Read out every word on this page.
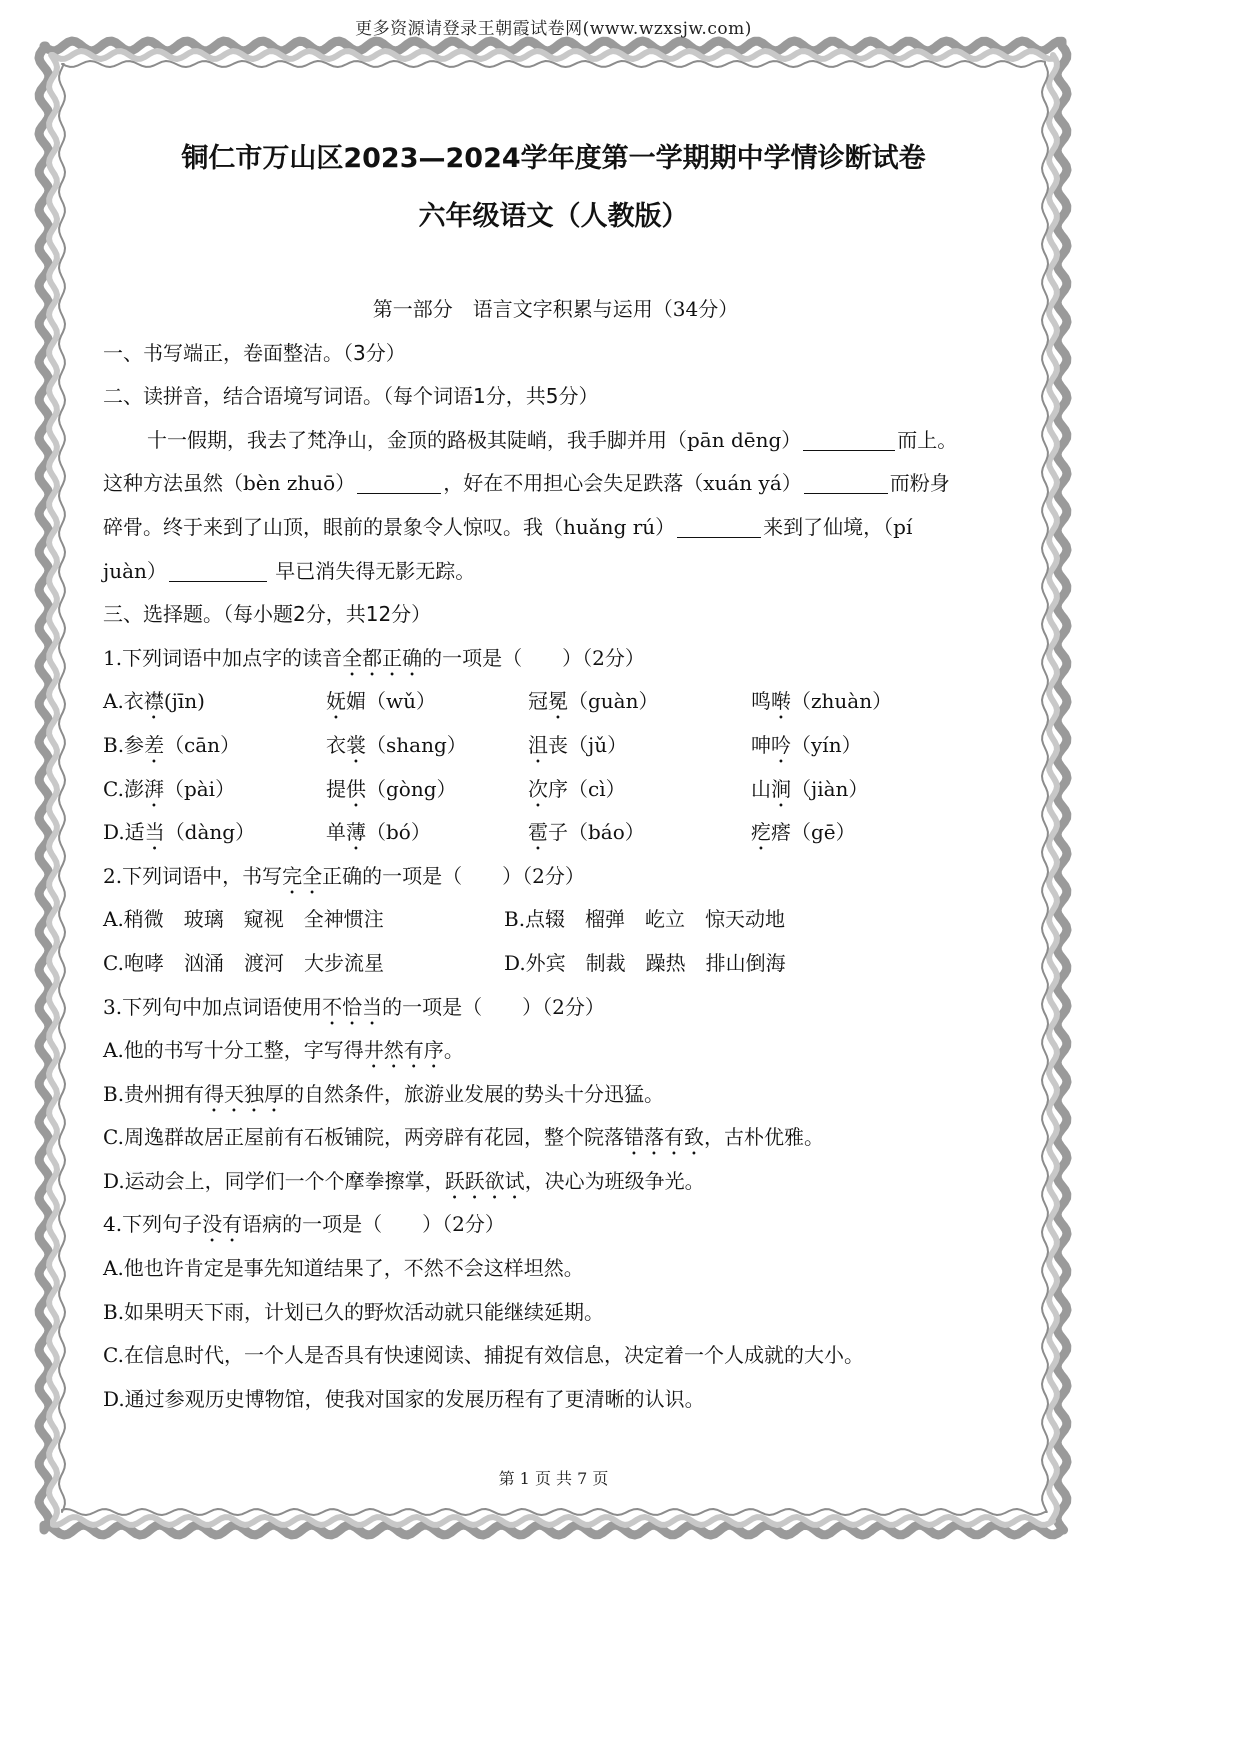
更多资源请登录王朝霞试卷网(www.wzxsjw.com)
铜仁市万山区2023—2024学年度第一学期期中学情诊断试卷
六年级语文（人教版）
第一部分　语言文字积累与运用（34分）
一、书写端正，卷面整洁。（3分）
二、读拼音，结合语境写词语。（每个词语1分，共5分）
十一假期，我去了梵净山，金顶的路极其陡峭，我手脚并用（pān dēng）	而上。
这种方法虽然（bèn zhuō）	，好在不用担心会失足跌落（xuán yá）	而粉身
碎骨。终于来到了山顶，眼前的景象令人惊叹。我（huǎng rú）	来到了仙境，（pí
juàn）	早已消失得无影无踪。
三、选择题。（每小题2分，共12分）
1.下列词语中加点字的读音全都正确的一项是（　　）（2分）
A.衣襟(jīn)	妩媚（wǔ）	冠冕（guàn）	鸣啭（zhuàn）
B.参差（cān）	衣裳（shang）	沮丧（jǔ）	呻吟（yín）
C.澎湃（pài）	提供（gòng）	次序（cì）	山涧（jiàn）
D.适当（dàng）	单薄（bó）	雹子（báo）	疙瘩（gē）
2.下列词语中，书写完全正确的一项是（　　）（2分）
A.稍微　玻璃　窥视　全神惯注	B.点辍　榴弹　屹立　惊天动地
C.咆哮　汹涌　渡河　大步流星	D.外宾　制裁　躁热　排山倒海
3.下列句中加点词语使用不恰当的一项是（　　）（2分）
A.他的书写十分工整，字写得井然有序。
B.贵州拥有得天独厚的自然条件，旅游业发展的势头十分迅猛。
C.周逸群故居正屋前有石板铺院，两旁辟有花园，整个院落错落有致，古朴优雅。
D.运动会上，同学们一个个摩拳擦掌，跃跃欲试，决心为班级争光。
4.下列句子没有语病的一项是（　　）（2分）
A.他也许肯定是事先知道结果了，不然不会这样坦然。
B.如果明天下雨，计划已久的野炊活动就只能继续延期。
C.在信息时代，一个人是否具有快速阅读、捕捉有效信息，决定着一个人成就的大小。
D.通过参观历史博物馆，使我对国家的发展历程有了更清晰的认识。
第 1 页 共 7 页
